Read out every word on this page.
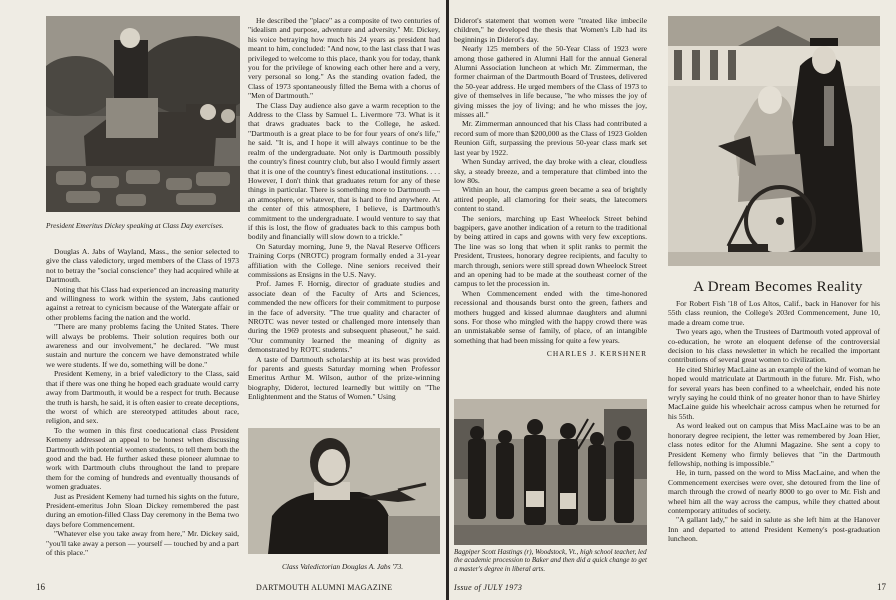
President Emeritus Dickey speaking at Class Day exercises.

Douglas A. Jabs of Wayland, Mass., the senior selected to give the class valedictory, urged members of the Class of 1973 not to betray the "social conscience" they had acquired while at Dartmouth.

Noting that his Class had experienced an increasing maturity and willingness to work within the system, Jabs cautioned against a retreat to cynicism because of the Watergate affair or other problems facing the nation and the world.

"There are many problems facing the United States. There will always be problems. Their solution requires both our awareness and our involvement," he declared. "We must sustain and nurture the concern we have demonstrated while we were students. If we do, something will be done."

President Kemeny, in a brief valedictory to the Class, said that if there was one thing he hoped each graduate would carry away from Dartmouth, it would be a respect for truth. Because the truth is harsh, he said, it is often easier to create deceptions, the worst of which are stereotyped attitudes about race, religion, and sex.

To the women in this first coeducational class President Kemeny addressed an appeal to be honest when discussing Dartmouth with potential women students, to tell them both the good and the bad. He further asked these pioneer alumnae to work with Dartmouth clubs throughout the land to prepare them for the coming of hundreds and eventually thousands of women graduates.

Just as President Kemeny had turned his sights on the future, President-emeritus John Sloan Dickey remembered the past during an emotion-filled Class Day ceremony in the Bema two days before Commencement.

"Whatever else you take away from here," Mr. Dickey said, "you'll take away a person — yourself — touched by and a part of this place."

He described the "place" as a composite of two centuries of "idealism and purpose, adventure and adversity." Mr. Dickey, his voice betraying how much his 24 years as president had meant to him, concluded: "And now, to the last class that I was privileged to welcome to this place, thank you for today, thank you for the privilege of knowing each other here and a very, very personal so long." As the standing ovation faded, the Class of 1973 spontaneously filled the Bema with a chorus of "Men of Dartmouth."

The Class Day audience also gave a warm reception to the Address to the Class by Samuel L. Livermore '73. What is it that draws graduates back to the College, he asked. "Dartmouth is a great place to be for four years of one's life," he said. "It is, and I hope it will always continue to be the realm of the undergraduate. Not only is Dartmouth possibly the country's finest country club, but also I would firmly assert that it is one of the country's finest educational institutions. . . . However, I don't think that graduates return for any of these things in particular. There is something more to Dartmouth — an atmosphere, or whatever, that is hard to find anywhere. At the center of this atmosphere, I believe, is Dartmouth's commitment to the undergraduate. I would venture to say that if this is lost, the flow of graduates back to this campus both bodily and financially will slow down to a trickle."

On Saturday morning, June 9, the Naval Reserve Officers Training Corps (NROTC) program formally ended a 31-year affiliation with the College. Nine seniors received their commissions as Ensigns in the U.S. Navy.

Prof. James F. Hornig, director of graduate studies and associate dean of the Faculty of Arts and Sciences, commended the new officers for their commitment to purpose in the face of adversity. "The true quality and character of NROTC was never tested or challenged more intensely than during the 1969 protests and subsequent phaseout," he said. "Our community learned the meaning of dignity as demonstrated by ROTC students."

A taste of Dartmouth scholarship at its best was provided for parents and guests Saturday morning when Professor Emeritus Arthur M. Wilson, author of the prize-winning biography, Diderot, lectured learnedly but wittily on "The Enlightenment and the Status of Women." Using

Class Valedictorian Douglas A. Jabs '73.
16	DARTMOUTH ALUMNI MAGAZINE

Diderot's statement that women were "treated like imbecile children," he developed the thesis that Women's Lib had its beginnings in Diderot's day.

Nearly 125 members of the 50-Year Class of 1923 were among those gathered in Alumni Hall for the annual General Alumni Association luncheon at which Mr. Zimmerman, the former chairman of the Dartmouth Board of Trustees, delivered the 50-year address. He urged members of the Class of 1973 to give of themselves in life because, "he who misses the joy of giving misses the joy of living; and he who misses the joy, misses all."

Mr. Zimmerman announced that his Class had contributed a record sum of more than $200,000 as the Class of 1923 Golden Reunion Gift, surpassing the previous 50-year class mark set last year by 1922.

When Sunday arrived, the day broke with a clear, cloudless sky, a steady breeze, and a temperature that climbed into the low 80s.

Within an hour, the campus green became a sea of brightly attired people, all clamoring for their seats, the latecomers content to stand.

The seniors, marching up East Wheelock Street behind bagpipers, gave another indication of a return to the traditional by being attired in caps and gowns with very few exceptions. The line was so long that when it split ranks to permit the President, Trustees, honorary degree recipients, and faculty to march through, seniors were still spread down Wheelock Street and an opening had to be made at the southeast corner of the campus to let the procession in.

When Commencement ended with the time-honored recessional and thousands burst onto the green, fathers and mothers hugged and kissed alumnae daughters and alumni sons. For those who mingled with the happy crowd there was an unmistakable sense of family, of place, of an intangible something that had been missing for quite a few years.

CHARLES J. KERSHNER

Bagpiper Scott Hastings (r), Woodstock, Vt., high school teacher, led the academic procession to Baker and then did a quick change to get a master's degree in liberal arts.
A Dream Becomes Reality

For Robert Fish '18 of Los Altos, Calif., back in Hanover for his 55th class reunion, the College's 203rd Commencement, June 10, made a dream come true.

Two years ago, when the Trustees of Dartmouth voted approval of co-education, he wrote an eloquent defense of the controversial decision to his class newsletter in which he recalled the important contributions of several great women to civilization.

He cited Shirley MacLaine as an example of the kind of woman he hoped would matriculate at Dartmouth in the future. Mr. Fish, who for several years has been confined to a wheelchair, ended his note wryly saying he could think of no greater honor than to have Shirley MacLaine guide his wheelchair across campus when he returned for his 55th.

As word leaked out on campus that Miss MacLaine was to be an honorary degree recipient, the letter was remembered by Joan Hier, class notes editor for the Alumni Magazine. She sent a copy to President Kemeny who firmly believes that "in the Dartmouth fellowship, nothing is impossible."

He, in turn, passed on the word to Miss MacLaine, and when the Commencement exercises were over, she detoured from the line of march through the crowd of nearly 8000 to go over to Mr. Fish and wheel him all the way across the campus, while they chatted about contemporary attitudes of society.

"A gallant lady," he said in salute as she left him at the Hanover Inn and departed to attend President Kemeny's post-graduation luncheon.

Issue of JULY 1973	17
